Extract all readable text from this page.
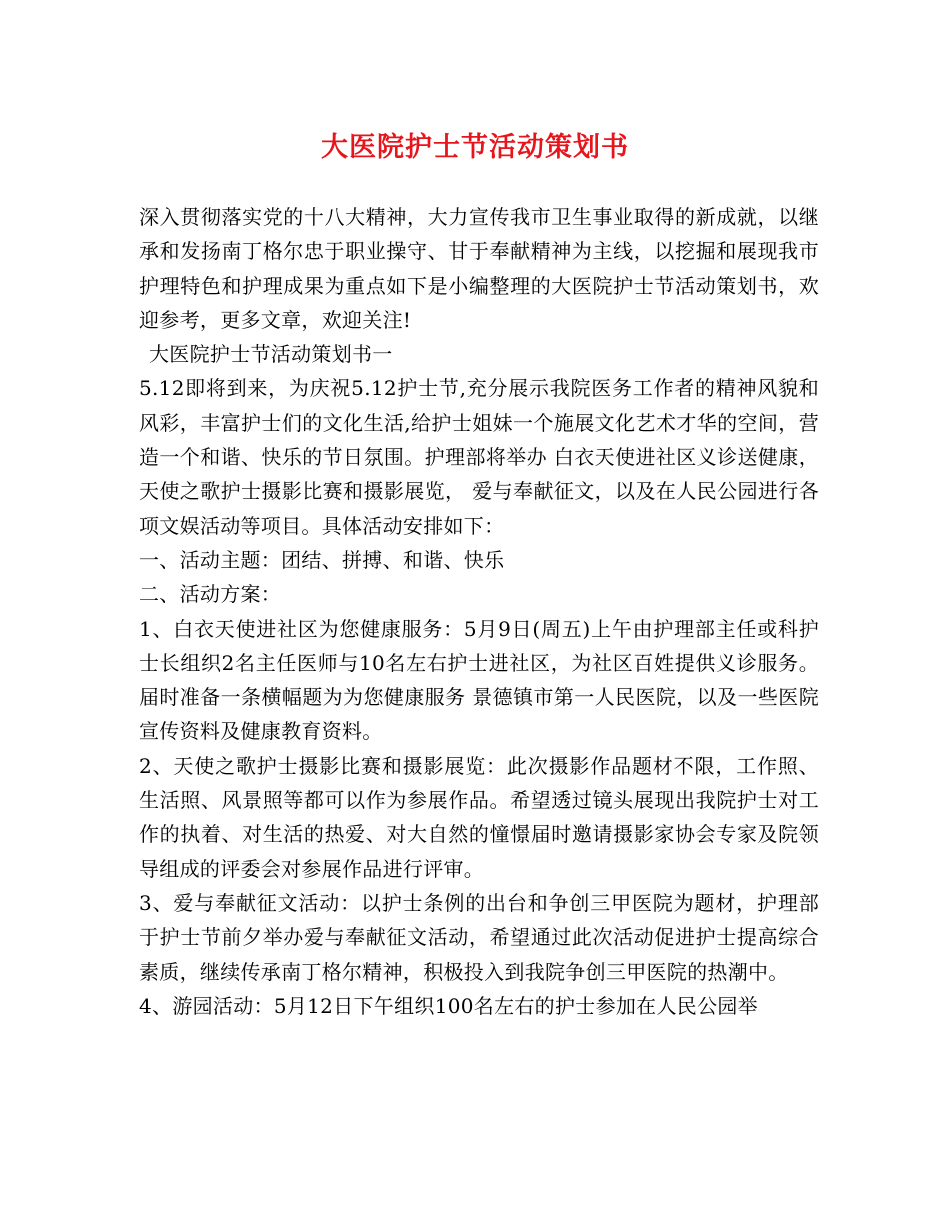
大医院护士节活动策划书

深入贯彻落实党的十八大精神，大力宣传我市卫生事业取得的新成就，以继承和发扬南丁格尔忠于职业操守、甘于奉献精神为主线，以挖掘和展现我市护理特色和护理成果为重点如下是小编整理的大医院护士节活动策划书，欢迎参考，更多文章，欢迎关注!

大医院护士节活动策划书一

5.12即将到来，为庆祝5.12护士节,充分展示我院医务工作者的精神风貌和风彩，丰富护士们的文化生活,给护士姐妹一个施展文化艺术才华的空间，营造一个和谐、快乐的节日氛围。护理部将举办 白衣天使进社区义诊送健康，天使之歌护士摄影比赛和摄影展览， 爱与奉献征文，以及在人民公园进行各项文娱活动等项目。具体活动安排如下：

一、活动主题：团结、拼搏、和谐、快乐

二、活动方案：

1、白衣天使进社区为您健康服务：5月9日(周五)上午由护理部主任或科护士长组织2名主任医师与10名左右护士进社区，为社区百姓提供义诊服务。届时准备一条横幅题为为您健康服务 景德镇市第一人民医院，以及一些医院宣传资料及健康教育资料。

2、天使之歌护士摄影比赛和摄影展览：此次摄影作品题材不限，工作照、生活照、风景照等都可以作为参展作品。希望透过镜头展现出我院护士对工作的执着、对生活的热爱、对大自然的憧憬届时邀请摄影家协会专家及院领导组成的评委会对参展作品进行评审。

3、爱与奉献征文活动：以护士条例的出台和争创三甲医院为题材，护理部于护士节前夕举办爱与奉献征文活动，希望通过此次活动促进护士提高综合素质，继续传承南丁格尔精神，积极投入到我院争创三甲医院的热潮中。

4、游园活动：5月12日下午组织100名左右的护士参加在人民公园举
